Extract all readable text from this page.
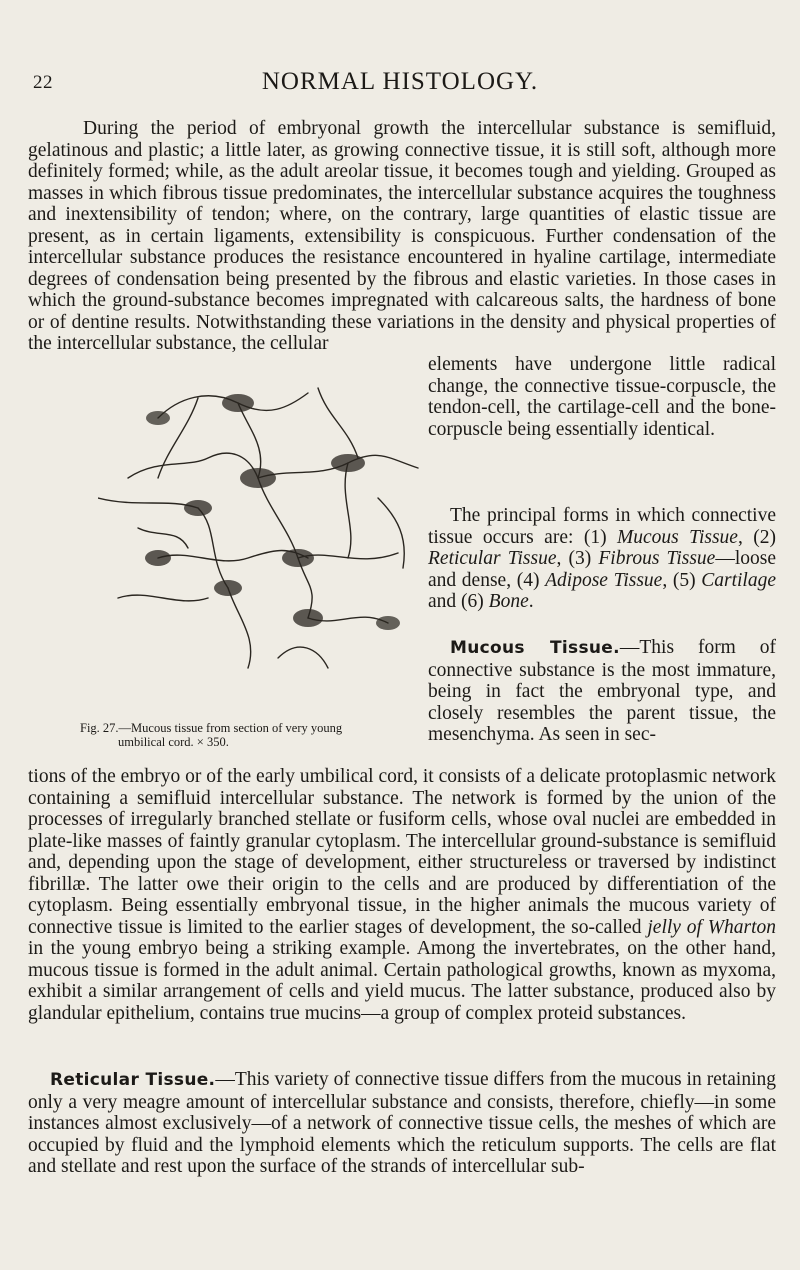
22	NORMAL HISTOLOGY.

During the period of embryonal growth the intercellular substance is semifluid, gelatinous and plastic; a little later, as growing connective tissue, it is still soft, although more definitely formed; while, as the adult areolar tissue, it becomes tough and yielding. Grouped as masses in which fibrous tissue predominates, the intercellular substance acquires the toughness and inextensibility of tendon; where, on the contrary, large quantities of elastic tissue are present, as in certain ligaments, extensibility is conspicuous. Further condensation of the intercellular substance produces the resistance encountered in hyaline cartilage, intermediate degrees of condensation being presented by the fibrous and elastic varieties. In those cases in which the ground-substance becomes impregnated with calcareous salts, the hardness of bone or of dentine results. Notwithstanding these variations in the density and physical properties of the intercellular substance, the cellular

elements have undergone little radical change, the connective tissue-corpuscle, the tendon-cell, the cartilage-cell and the bone-corpuscle being essentially identical.

The principal forms in which connective tissue occurs are: (1) Mucous Tissue, (2) Reticular Tissue, (3) Fibrous Tissue—loose and dense, (4) Adipose Tissue, (5) Cartilage and (6) Bone.

Mucous Tissue.—This form of connective substance is the most immature, being in fact the embryonal type, and closely resembles the parent tissue, the mesenchyma. As seen in sec-

tions of the embryo or of the early umbilical cord, it consists of a delicate protoplasmic network containing a semifluid intercellular substance. The network is formed by the union of the processes of irregularly branched stellate or fusiform cells, whose oval nuclei are embedded in plate-like masses of faintly granular cytoplasm. The intercellular ground-substance is semifluid and, depending upon the stage of development, either structureless or traversed by indistinct fibrillæ. The latter owe their origin to the cells and are produced by differentiation of the cytoplasm. Being essentially embryonal tissue, in the higher animals the mucous variety of connective tissue is limited to the earlier stages of development, the so-called jelly of Wharton in the young embryo being a striking example. Among the invertebrates, on the other hand, mucous tissue is formed in the adult animal. Certain pathological growths, known as myxoma, exhibit a similar arrangement of cells and yield mucus. The latter substance, produced also by glandular epithelium, contains true mucins—a group of complex proteid substances.

Reticular Tissue.—This variety of connective tissue differs from the mucous in retaining only a very meagre amount of intercellular substance and consists, therefore, chiefly—in some instances almost exclusively—of a network of connective tissue cells, the meshes of which are occupied by fluid and the lymphoid elements which the reticulum supports. The cells are flat and stellate and rest upon the surface of the strands of intercellular sub-

Fig. 27.—Mucous tissue from section of very young
umbilical cord. × 350.
